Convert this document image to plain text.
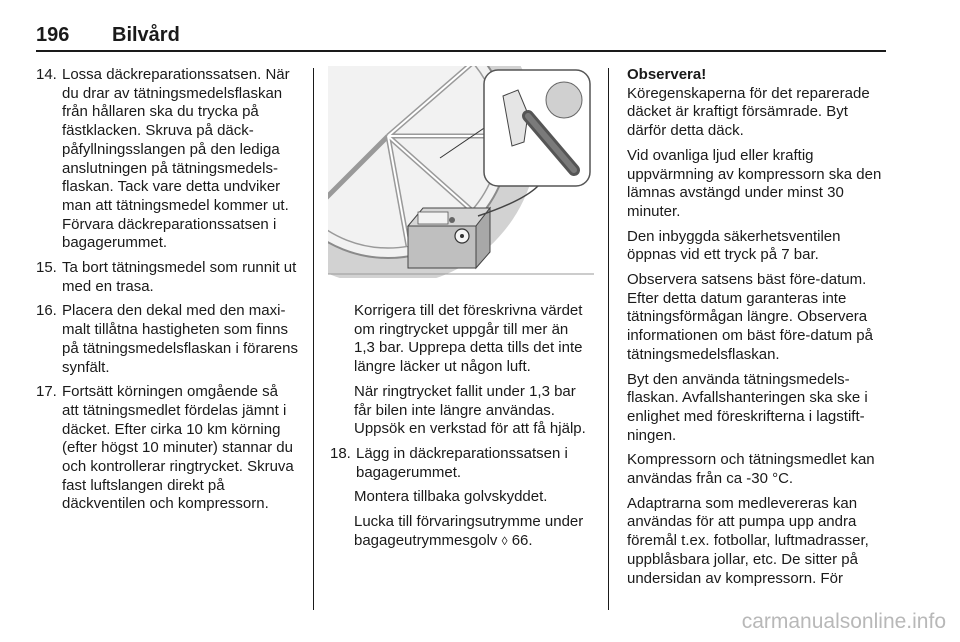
196 Bilvård
14. Lossa däckreparationssatsen. När du drar av tätningsmedelsflaskan från hållaren ska du trycka på fästklacken. Skruva på däckpåfyllningsslangen på den lediga anslutningen på tätningsmedelsflaskan. Tack vare detta undviker man att tätningsmedel kommer ut. Förvara däckreparationssatsen i bagagerummet.
15. Ta bort tätningsmedel som runnit ut med en trasa.
16. Placera den dekal med den maximalt tillåtna hastigheten som finns på tätningsmedelsflaskan i förarens synfält.
17. Fortsätt körningen omgående så att tätningsmedlet fördelas jämnt i däcket. Efter cirka 10 km körning (efter högst 10 minuter) stannar du och kontrollerar ringtrycket. Skruva fast luftslangen direkt på däckventilen och kompressorn.

Korrigera till det föreskrivna värdet om ringtrycket uppgår till mer än 1,3 bar. Upprepa detta tills det inte längre läcker ut någon luft.

När ringtrycket fallit under 1,3 bar får bilen inte längre användas. Uppsök en verkstad för att få hjälp.

18. Lägg in däckreparationssatsen i bagagerummet.

Montera tillbaka golvskyddet.

Lucka till förvaringsutrymme under bagageutrymmesgolv ◊ 66.

Observera!

Köregenskaperna för det reparerade däcket är kraftigt försämrade. Byt därför detta däck.

Vid ovanliga ljud eller kraftig uppvärmning av kompressorn ska den lämnas avstängd under minst 30 minuter.

Den inbyggda säkerhetsventilen öppnas vid ett tryck på 7 bar.

Observera satsens bäst före-datum. Efter detta datum garanteras inte tätningsförmågan längre. Observera informationen om bäst före-datum på tätningsmedelsflaskan.

Byt den använda tätningsmedelsflaskan. Avfallshanteringen ska ske i enlighet med föreskrifterna i lagstiftningen.

Kompressorn och tätningsmedlet kan användas från ca -30 °C.

Adaptrarna som medlevereras kan användas för att pumpa upp andra föremål t.ex. fotbollar, luftmadrasser, uppblåsbara jollar, etc. De sitter på undersidan av kompressorn. För

carmanualsonline.info
